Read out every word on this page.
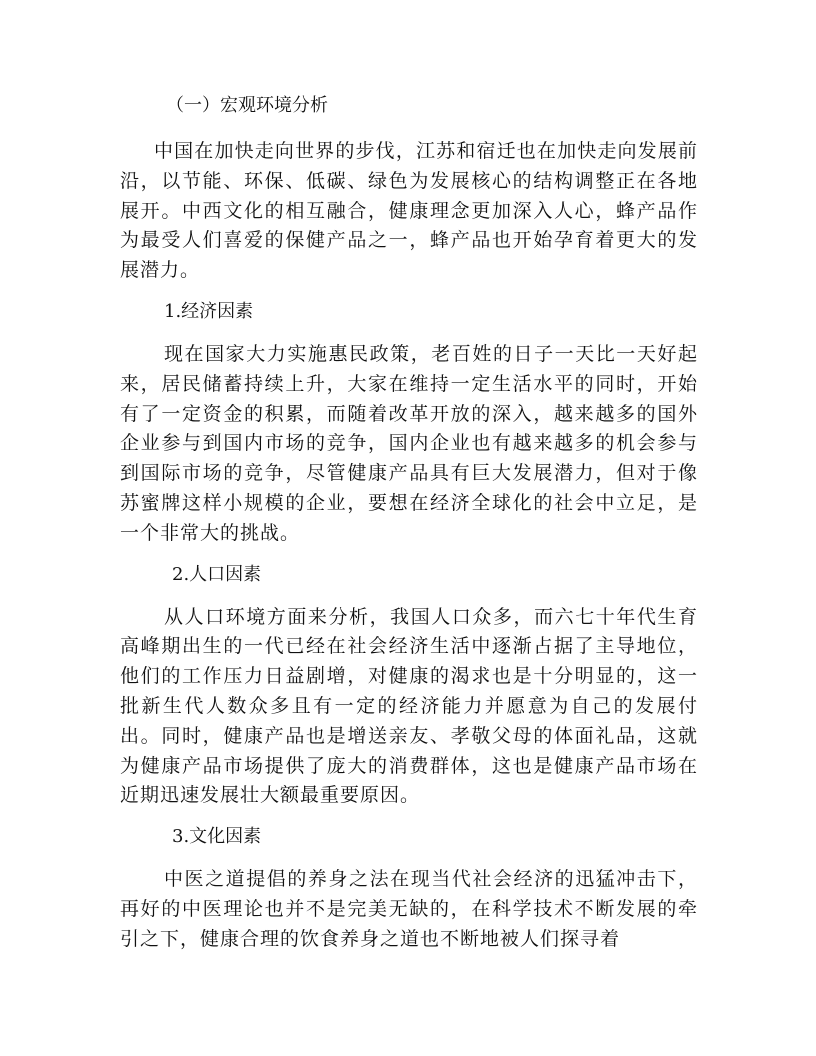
（一）宏观环境分析

中国在加快走向世界的步伐，江苏和宿迁也在加快走向发展前沿，以节能、环保、低碳、绿色为发展核心的结构调整正在各地展开。中西文化的相互融合，健康理念更加深入人心，蜂产品作为最受人们喜爱的保健产品之一，蜂产品也开始孕育着更大的发展潜力。

1.经济因素

现在国家大力实施惠民政策，老百姓的日子一天比一天好起来，居民储蓄持续上升，大家在维持一定生活水平的同时，开始有了一定资金的积累，而随着改革开放的深入，越来越多的国外企业参与到国内市场的竞争，国内企业也有越来越多的机会参与到国际市场的竞争，尽管健康产品具有巨大发展潜力，但对于像苏蜜牌这样小规模的企业，要想在经济全球化的社会中立足，是一个非常大的挑战。

2.人口因素

从人口环境方面来分析，我国人口众多，而六七十年代生育高峰期出生的一代已经在社会经济生活中逐渐占据了主导地位，他们的工作压力日益剧增，对健康的渴求也是十分明显的，这一批新生代人数众多且有一定的经济能力并愿意为自己的发展付出。同时，健康产品也是增送亲友、孝敬父母的体面礼品，这就为健康产品市场提供了庞大的消费群体，这也是健康产品市场在近期迅速发展壮大额最重要原因。

3.文化因素

中医之道提倡的养身之法在现当代社会经济的迅猛冲击下，再好的中医理论也并不是完美无缺的，在科学技术不断发展的牵引之下，健康合理的饮食养身之道也不断地被人们探寻着
